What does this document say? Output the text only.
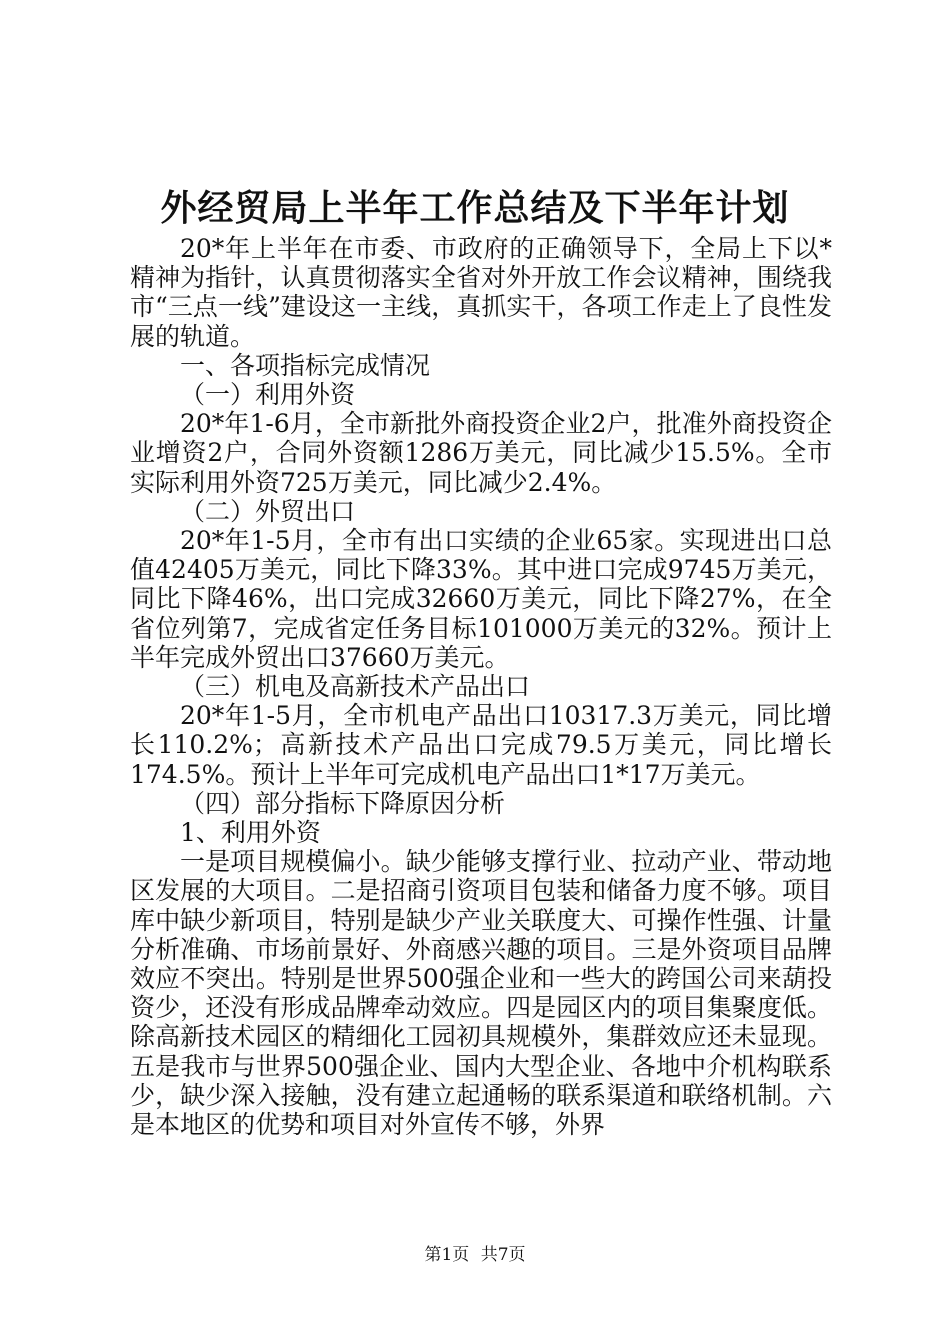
外经贸局上半年工作总结及下半年计划

20*年上半年在市委、市政府的正确领导下，全局上下以*精神为指针，认真贯彻落实全省对外开放工作会议精神，围绕我市“三点一线”建设这一主线，真抓实干，各项工作走上了良性发展的轨道。

一、各项指标完成情况

（一）利用外资

20*年1-6月，全市新批外商投资企业2户，批准外商投资企业增资2户，合同外资额1286万美元，同比减少15.5%。全市实际利用外资725万美元，同比减少2.4%。

（二）外贸出口

20*年1-5月，全市有出口实绩的企业65家。实现进出口总值42405万美元，同比下降33%。其中进口完成9745万美元，同比下降46%，出口完成32660万美元，同比下降27%，在全省位列第7，完成省定任务目标101000万美元的32%。预计上半年完成外贸出口37660万美元。

（三）机电及高新技术产品出口

20*年1-5月，全市机电产品出口10317.3万美元，同比增长110.2%；高新技术产品出口完成79.5万美元，同比增长174.5%。预计上半年可完成机电产品出口1*17万美元。

（四）部分指标下降原因分析

1、利用外资

一是项目规模偏小。缺少能够支撑行业、拉动产业、带动地区发展的大项目。二是招商引资项目包装和储备力度不够。项目库中缺少新项目，特别是缺少产业关联度大、可操作性强、计量分析准确、市场前景好、外商感兴趣的项目。三是外资项目品牌效应不突出。特别是世界500强企业和一些大的跨国公司来葫投资少，还没有形成品牌牵动效应。四是园区内的项目集聚度低。除高新技术园区的精细化工园初具规模外，集群效应还未显现。五是我市与世界500强企业、国内大型企业、各地中介机构联系少，缺少深入接触，没有建立起通畅的联系渠道和联络机制。六是本地区的优势和项目对外宣传不够，外界

第1页 共7页
